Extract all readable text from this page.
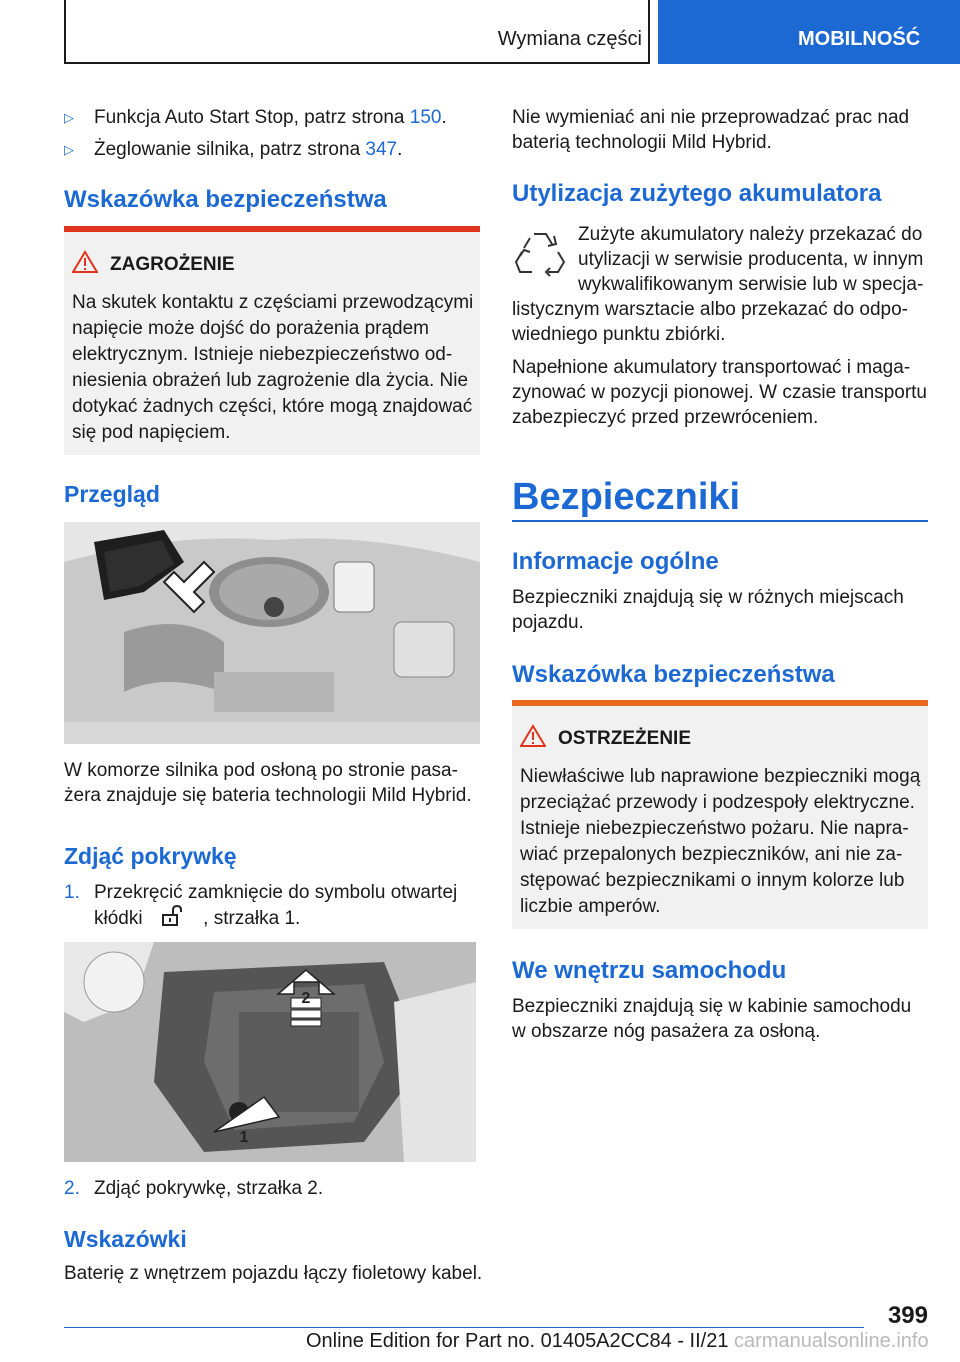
Wymiana części	MOBILNOŚĆ
▷ Funkcja Auto Start Stop, patrz strona 150.
▷ Żeglowanie silnika, patrz strona 347.
Wskazówka bezpieczeństwa
ZAGROŻENIE
Na skutek kontaktu z częściami przewodzącymi
napięcie może dojść do porażenia prądem
elektrycznym. Istnieje niebezpieczeństwo od-
niesienia obrażeń lub zagrożenie dla życia. Nie
dotykać żadnych części, które mogą znajdować
się pod napięciem.
Przegląd
W komorze silnika pod osłoną po stronie pasa-
żera znajduje się bateria technologii Mild Hybrid.
Zdjąć pokrywkę
1. Przekręcić zamknięcie do symbolu otwartej
kłódki	, strzałka 1.
2
1
2. Zdjąć pokrywkę, strzałka 2.
Wskazówki
Baterię z wnętrzem pojazdu łączy fioletowy kabel.
Nie wymieniać ani nie przeprowadzać prac nad
baterią technologii Mild Hybrid.
Utylizacja zużytego akumulatora
Zużyte akumulatory należy przekazać do
utylizacji w serwisie producenta, w innym
wykwalifikowanym serwisie lub w specja-
listycznym warsztacie albo przekazać do odpo-
wiedniego punktu zbiórki.
Napełnione akumulatory transportować i maga-
zynować w pozycji pionowej. W czasie transportu
zabezpieczyć przed przewróceniem.
Bezpieczniki
Informacje ogólne
Bezpieczniki znajdują się w różnych miejscach
pojazdu.
Wskazówka bezpieczeństwa
OSTRZEŻENIE
Niewłaściwe lub naprawione bezpieczniki mogą
przeciążać przewody i podzespoły elektryczne.
Istnieje niebezpieczeństwo pożaru. Nie napra-
wiać przepalonych bezpieczników, ani nie za-
stępować bezpiecznikami o innym kolorze lub
liczbie amperów.
We wnętrzu samochodu
Bezpieczniki znajdują się w kabinie samochodu
w obszarze nóg pasażera za osłoną.
399
Online Edition for Part no. 01405A2CC84 - II/21 carmanualsonline.info
